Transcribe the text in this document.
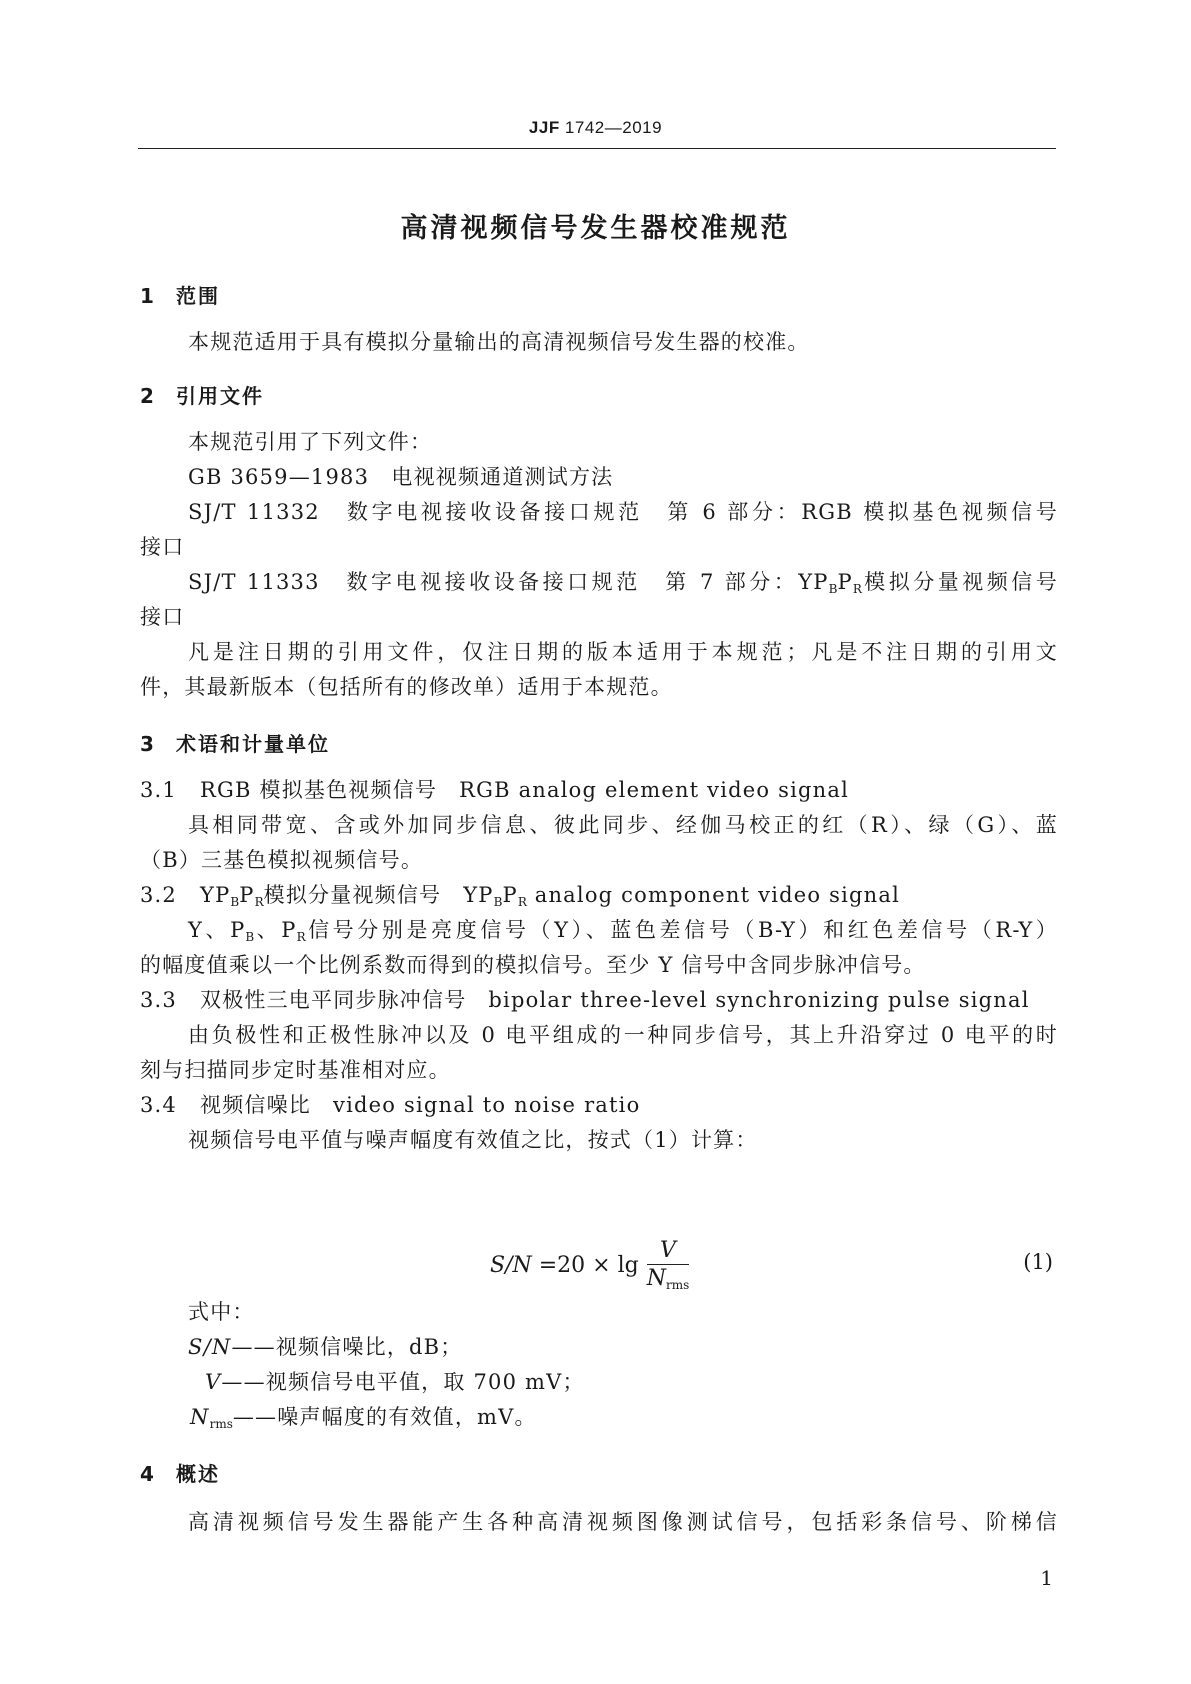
JJF 1742—2019
高清视频信号发生器校准规范
1 范围
本规范适用于具有模拟分量输出的高清视频信号发生器的校准。
2 引用文件
本规范引用了下列文件：
GB 3659—1983　电视视频通道测试方法
SJ/T 11332　数字电视接收设备接口规范　第 6 部分：RGB 模拟基色视频信号
接口
SJ/T 11333　数字电视接收设备接口规范　第 7 部分：$YP_BP_R$模拟分量视频信号
接口
凡是注日期的引用文件，仅注日期的版本适用于本规范；凡是不注日期的引用文
件，其最新版本（包括所有的修改单）适用于本规范。
3 术语和计量单位
3.1 RGB 模拟基色视频信号 RGB analog element video signal
具相同带宽、含或外加同步信息、彼此同步、经伽马校正的红（R）、绿（G）、蓝
（B）三基色模拟视频信号。
3.2 $YP_BP_R$模拟分量视频信号 $YP_BP_R$ analog component video signal
Y、$P_B$、$P_R$信号分别是亮度信号（Y）、蓝色差信号（B-Y）和红色差信号（R-Y）
的幅度值乘以一个比例系数而得到的模拟信号。至少 Y 信号中含同步脉冲信号。
3.3 双极性三电平同步脉冲信号 bipolar three-level synchronizing pulse signal
由负极性和正极性脉冲以及 0 电平组成的一种同步信号，其上升沿穿过 0 电平的时
刻与扫描同步定时基准相对应。
3.4 视频信噪比 video signal to noise ratio
视频信号电平值与噪声幅度有效值之比，按式（1）计算：
$S/N =20 \times \lg \frac{V}{N_{rms}}$	(1)
式中：
S/N——视频信噪比，dB；
V——视频信号电平值，取 700 mV；
$N_{rms}——$噪声幅度的有效值，mV。
4 概述
高清视频信号发生器能产生各种高清视频图像测试信号，包括彩条信号、阶梯信
1
